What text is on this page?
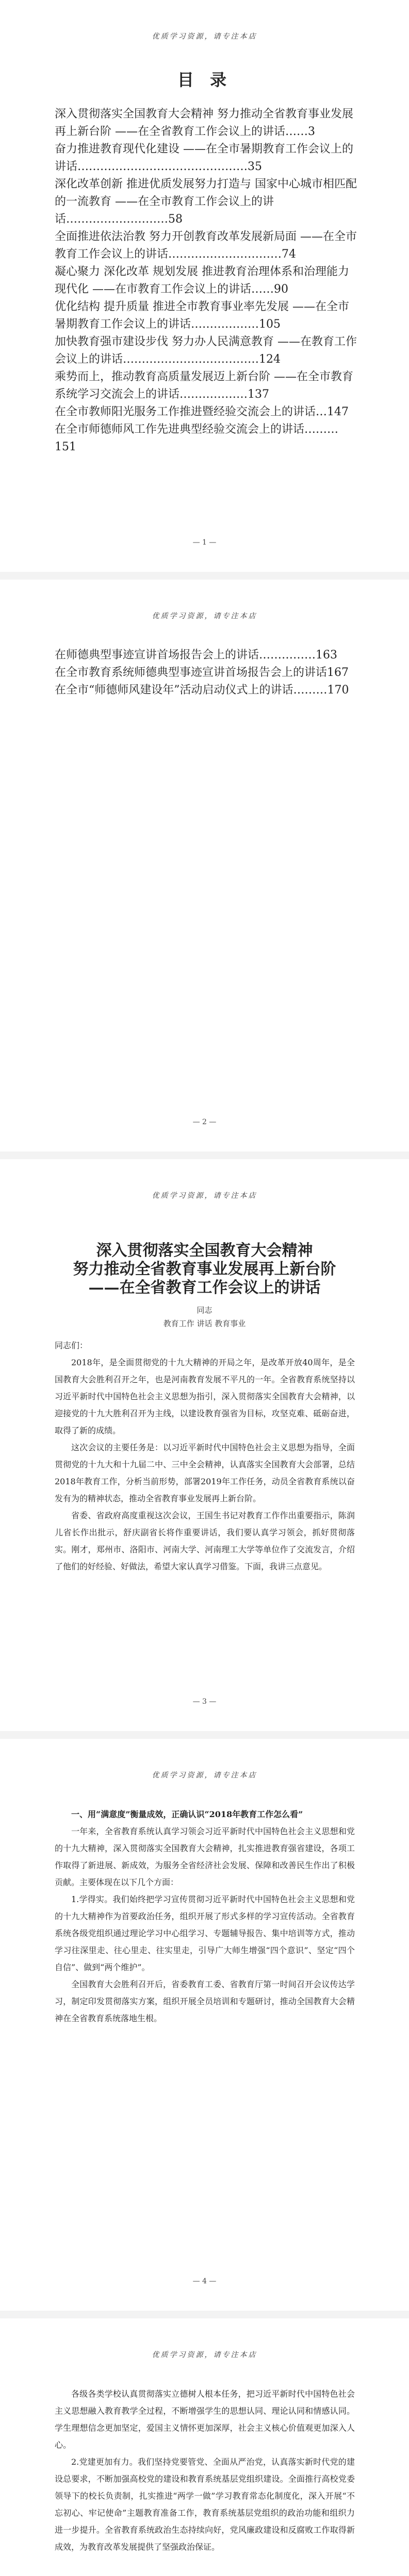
优质学习资源，请专注本店
目 录

深入贯彻落实全国教育大会精神 努力推动全省教育事业发展再上新台阶 ——在全省教育工作会议上的讲话……3

奋力推进教育现代化建设 ——在全市暑期教育工作会议上的讲话………………………………………35

深化改革创新 推进优质发展努力打造与 国家中心城市相匹配的一流教育 ——在全市教育工作会议上的讲话………………………58

全面推进依法治教 努力开创教育改革发展新局面 ——在全市教育工作会议上的讲话…………………………74

凝心聚力 深化改革 规划发展 推进教育治理体系和治理能力现代化 ——在市教育工作会议上的讲话……90

优化结构 提升质量 推进全市教育事业率先发展 ——在全市暑期教育工作会议上的讲话………………105

加快教育强市建设步伐 努力办人民满意教育 ——在教育工作会议上的讲话………………………………124

乘势而上，推动教育高质量发展迈上新台阶 ——在全市教育系统学习交流会上的讲话………………137

在全市教师阳光服务工作推进暨经验交流会上的讲话…147

在全市师德师风工作先进典型经验交流会上的讲话………151

— 1 —
优质学习资源，请专注本店

在师德典型事迹宣讲首场报告会上的讲话……………163

在全市教育系统师德典型事迹宣讲首场报告会上的讲话167

在全市“师德师风建设年”活动启动仪式上的讲话………170

— 2 —
优质学习资源，请专注本店
深入贯彻落实全国教育大会精神
努力推动全省教育事业发展再上新台阶
——在全省教育工作会议上的讲话
同志
教育工作 讲话 教育事业

同志们：

2018年，是全面贯彻党的十九大精神的开局之年，是改革开放40周年，是全国教育大会胜利召开之年，也是河南教育发展不平凡的一年。全省教育系统坚持以习近平新时代中国特色社会主义思想为指引，深入贯彻落实全国教育大会精神，以迎接党的十九大胜利召开为主线，以建设教育强省为目标，攻坚克难、砥砺奋进，取得了新的成绩。

这次会议的主要任务是：以习近平新时代中国特色社会主义思想为指导，全面贯彻党的十九大和十九届二中、三中全会精神，认真落实全国教育大会部署，总结2018年教育工作，分析当前形势，部署2019年工作任务，动员全省教育系统以奋发有为的精神状态，推动全省教育事业发展再上新台阶。

省委、省政府高度重视这次会议，王国生书记对教育工作作出重要指示，陈润儿省长作出批示，舒庆副省长将作重要讲话，我们要认真学习领会，抓好贯彻落实。刚才，郑州市、洛阳市、河南大学、河南理工大学等单位作了交流发言，介绍了他们的好经验、好做法，希望大家认真学习借鉴。下面，我讲三点意见。

— 3 —
优质学习资源，请专注本店

一、用“满意度”衡量成效，正确认识“2018年教育工作怎么看”

一年来，全省教育系统认真学习领会习近平新时代中国特色社会主义思想和党的十九大精神，深入贯彻落实全国教育大会精神，扎实推进教育强省建设，各项工作取得了新进展、新成效，为服务全省经济社会发展、保障和改善民生作出了积极贡献。主要体现在以下几个方面：

1.学得实。我们始终把学习宣传贯彻习近平新时代中国特色社会主义思想和党的十九大精神作为首要政治任务，组织开展了形式多样的学习宣传活动。全省教育系统各级党组织通过理论学习中心组学习、专题辅导报告、集中培训等方式，推动学习往深里走、往心里走、往实里走，引导广大师生增强“四个意识”、坚定“四个自信”、做到“两个维护”。

全国教育大会胜利召开后，省委教育工委、省教育厅第一时间召开会议传达学习，制定印发贯彻落实方案，组织开展全员培训和专题研讨，推动全国教育大会精神在全省教育系统落地生根。

— 4 —
优质学习资源，请专注本店

各级各类学校认真贯彻落实立德树人根本任务，把习近平新时代中国特色社会主义思想融入教育教学全过程，不断增强学生的思想认同、理论认同和情感认同。学生理想信念更加坚定，爱国主义情怀更加深厚，社会主义核心价值观更加深入人心。

2.党建更加有力。我们坚持党要管党、全面从严治党，认真落实新时代党的建设总要求，不断加强高校党的建设和教育系统基层党组织建设。全面推行高校党委领导下的校长负责制，扎实推进“两学一做”学习教育常态化制度化，深入开展“不忘初心、牢记使命”主题教育准备工作，教育系统基层党组织的政治功能和组织力进一步提升。全省教育系统政治生态持续向好，党风廉政建设和反腐败工作取得新成效，为教育改革发展提供了坚强政治保证。
